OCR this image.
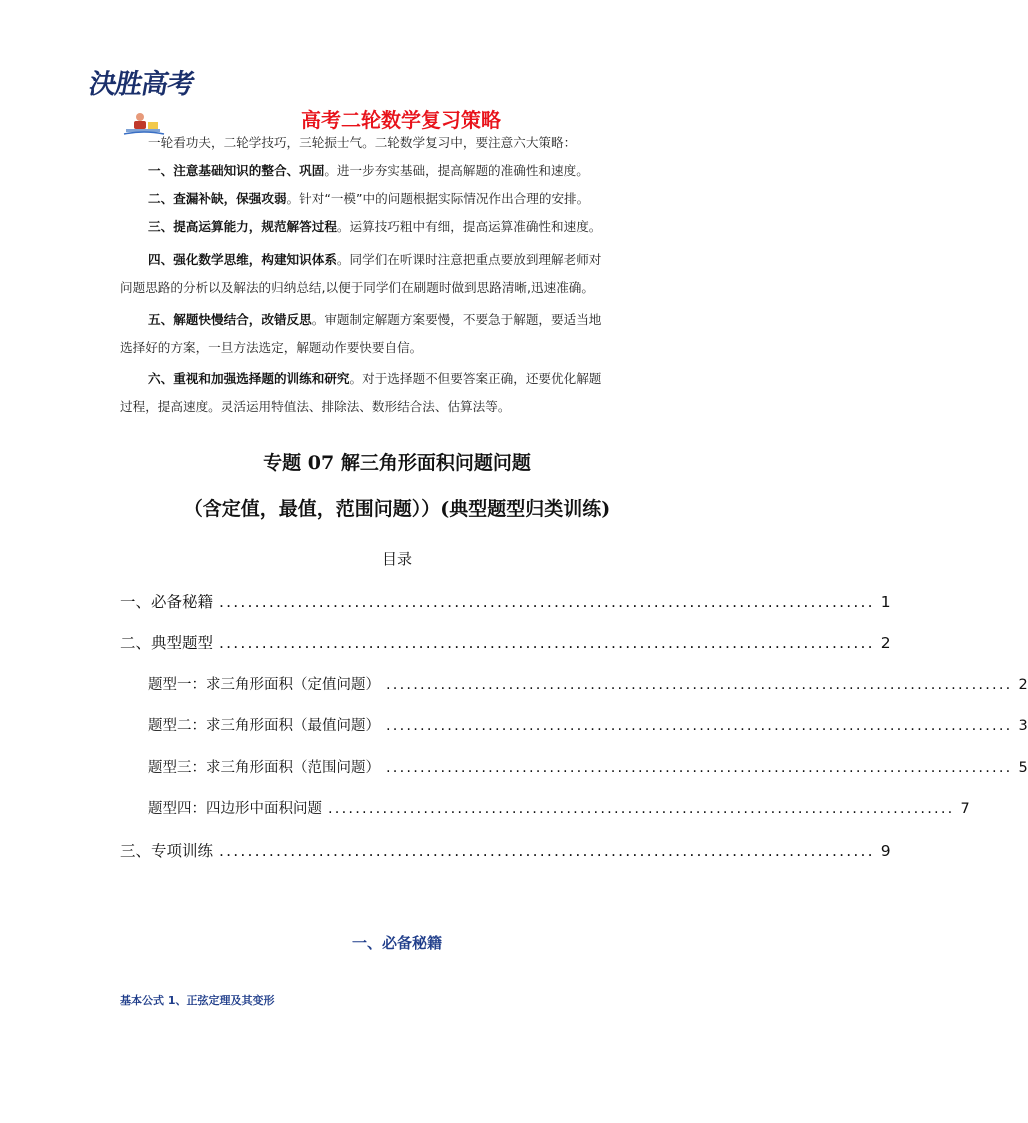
決胜高考
高考二轮数学复习策略
一轮看功夫，二轮学技巧，三轮振士气。二轮数学复习中，要注意六大策略：
一、注意基础知识的整合、巩固。进一步夯实基础，提高解题的准确性和速度。
二、查漏补缺，保强攻弱。针对“一模”中的问题根据实际情况作出合理的安排。
三、提高运算能力，规范解答过程。运算技巧粗中有细，提高运算准确性和速度。
四、强化数学思维，构建知识体系。同学们在听课时注意把重点要放到理解老师对
问题思路的分析以及解法的归纳总结,以便于同学们在刷题时做到思路清晰,迅速准确。
五、解题快慢结合，改错反思。审题制定解题方案要慢，不要急于解题，要适当地
选择好的方案，一旦方法选定，解题动作要快要自信。
六、重视和加强选择题的训练和研究。对于选择题不但要答案正确，还要优化解题
过程，提高速度。灵活运用特值法、排除法、数形结合法、估算法等。
专题 07 解三角形面积问题问题
（含定值，最值，范围问题））(典型题型归类训练)
目录
一、必备秘籍 ............................................................................................ 1
二、典型题型 ............................................................................................ 2
题型一：求三角形面积（定值问题） ............................................................................................ 2
题型二：求三角形面积（最值问题） ............................................................................................ 3
题型三：求三角形面积（范围问题） ............................................................................................ 5
题型四：四边形中面积问题 ............................................................................................ 7
三、专项训练 ............................................................................................ 9
一、必备秘籍
基本公式 1、正弦定理及其变形
